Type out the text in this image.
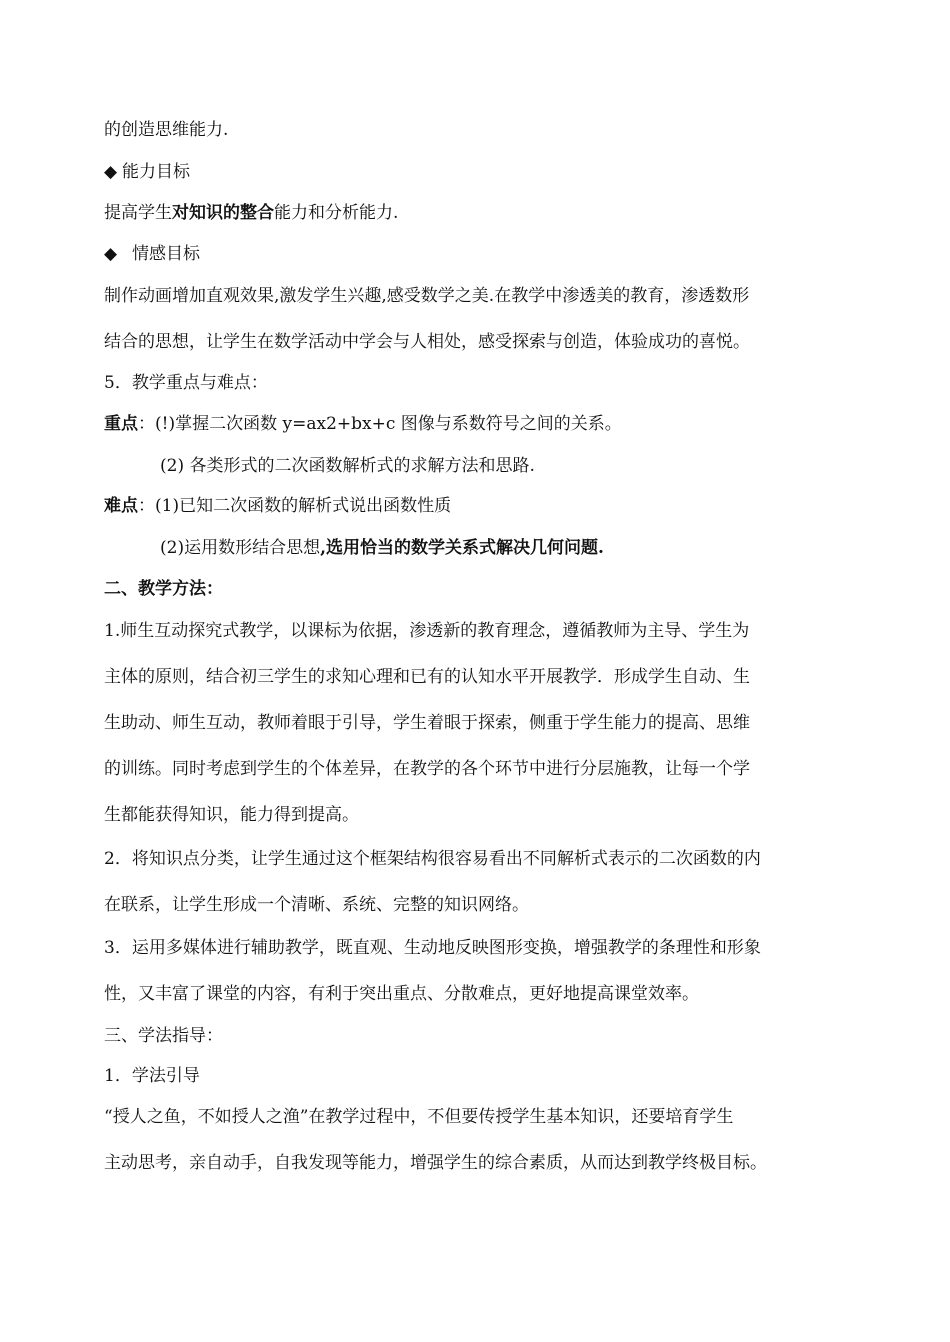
的创造思维能力.
◆ 能力目标
提高学生对知识的整合能力和分析能力.
◆ 情感目标
制作动画增加直观效果,激发学生兴趣,感受数学之美.在教学中渗透美的教育，渗透数形
结合的思想，让学生在数学活动中学会与人相处，感受探索与创造，体验成功的喜悦。
5．教学重点与难点：
重点：(!)掌握二次函数 y=ax2+bx+c 图像与系数符号之间的关系。
(2) 各类形式的二次函数解析式的求解方法和思路.
难点：(1)已知二次函数的解析式说出函数性质
(2)运用数形结合思想,选用恰当的数学关系式解决几何问题.
二、教学方法：
1.师生互动探究式教学，以课标为依据，渗透新的教育理念，遵循教师为主导、学生为
主体的原则，结合初三学生的求知心理和已有的认知水平开展教学．形成学生自动、生
生助动、师生互动，教师着眼于引导，学生着眼于探索，侧重于学生能力的提高、思维
的训练。同时考虑到学生的个体差异，在教学的各个环节中进行分层施教，让每一个学
生都能获得知识，能力得到提高。
2．将知识点分类，让学生通过这个框架结构很容易看出不同解析式表示的二次函数的内
在联系，让学生形成一个清晰、系统、完整的知识网络。
3．运用多媒体进行辅助教学，既直观、生动地反映图形变换，增强教学的条理性和形象
性，又丰富了课堂的内容，有利于突出重点、分散难点，更好地提高课堂效率。
三、学法指导：
1．学法引导
“授人之鱼，不如授人之渔”在教学过程中，不但要传授学生基本知识，还要培育学生
主动思考，亲自动手，自我发现等能力，增强学生的综合素质，从而达到教学终极目标。
